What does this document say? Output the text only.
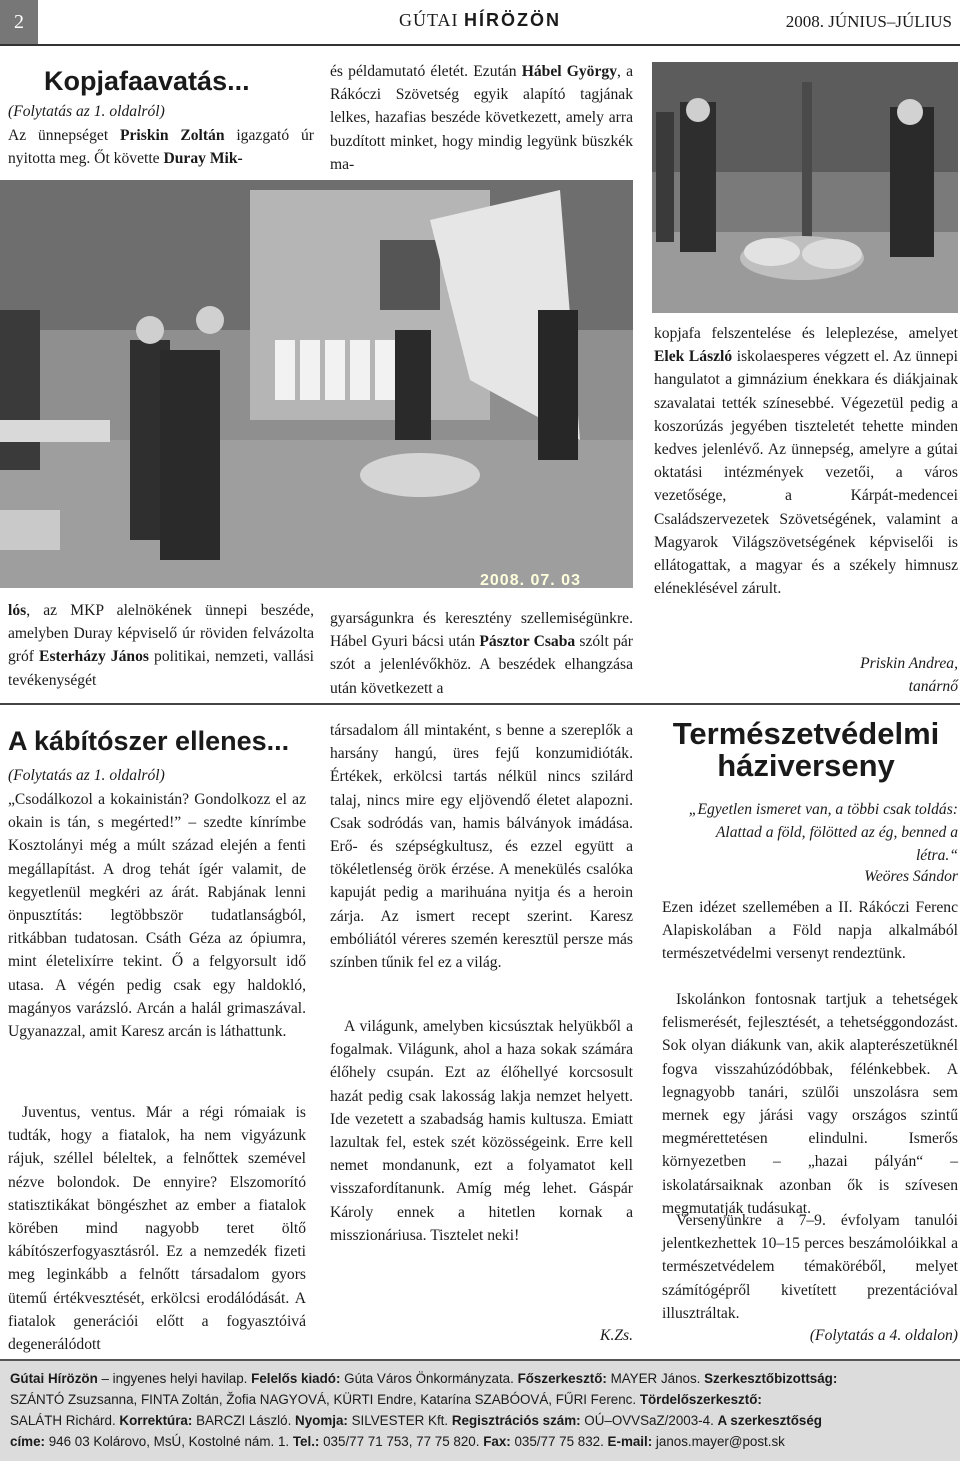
2	GÚTAI HÍRÖZÖN	2008. JÚNIUS–JÚLIUS
Kopjafaavatás...
(Folytatás az 1. oldalról)
Az ünnepséget Priskin Zoltán igazgató úr nyitotta meg. Őt követte Duray Mik-
és példamutató életét. Ezután Hábel György, a Rákóczi Szövetség egyik alapító tagjának lelkes, hazafias beszéde következett, amely arra buzdított minket, hogy mindig legyünk büszkék ma-
2008. 07. 03
lós, az MKP alelnökének ünnepi beszéde, amelyben Duray képviselő úr röviden felvázolta gróf Esterházy János politikai, nemzeti, vallási tevékenységét
gyarságunkra és keresztény szellemiségünkre. Hábel Gyuri bácsi után Pásztor Csaba szólt pár szót a jelenlévőkhöz. A beszédek elhangzása után következett a
kopjafa felszentelése és leleplezése, amelyet Elek László iskolaesperes végzett el. Az ünnepi hangulatot a gimnázium énekkara és diákjainak szavalatai tették színesebbé. Végezetül pedig a koszorúzás jegyében tiszteletét tehette minden kedves jelenlévő. Az ünnepség, amelyre a gútai oktatási intézmények vezetői, a város vezetősége, a Kárpát-medencei Családszervezetek Szövetségének, valamint a Magyarok Világszövetségének képviselői is ellátogattak, a magyar és a székely himnusz eléneklésével zárult.
Priskin Andrea,
tanárnő
A kábítószer ellenes...
(Folytatás az 1. oldalról)
„Csodálkozol a kokainistán? Gondolkozz el az okain is tán, s megérted!” – szedte kínrímbe Kosztolányi még a múlt század elején a fenti megállapítást. A drog tehát ígér valamit, de kegyetlenül megkéri az árát. Rabjának lenni önpusztítás: legtöbbször tudatlanságból, ritkábban tudatosan. Csáth Géza az ópiumra, mint életelixírre tekint. Ő a felgyorsult idő utasa. A végén pedig csak egy haldokló, magányos varázsló. Arcán a halál grimaszával. Ugyanazzal, amit Karesz arcán is láthattunk.
Juventus, ventus. Már a régi rómaiak is tudták, hogy a fiatalok, ha nem vigyázunk rájuk, széllel béleltek, a felnőttek szemével nézve bolondok. De ennyire? Elszomorító statisztikákat böngészhet az ember a fiatalok körében mind nagyobb teret öltő kábítószerfogyasztásról. Ez a nemzedék fizeti meg leginkább a felnőtt társadalom gyors ütemű értékvesztését, erkölcsi erodálódását. A fiatalok generációi előtt a fogyasztóivá degenerálódott
társadalom áll mintaként, s benne a szereplők a harsány hangú, üres fejű konzumidióták. Értékek, erkölcsi tartás nélkül nincs szilárd talaj, nincs mire egy eljövendő életet alapozni. Csak sodródás van, hamis bálványok imádása. Erő- és szépségkultusz, és ezzel együtt a tökéletlenség örök érzése. A menekülés csalóka kapuját pedig a marihuána nyitja és a heroin zárja. Az ismert recept szerint. Karesz embóliától véreres szemén keresztül persze más színben tűnik fel ez a világ.
A világunk, amelyben kicsúsztak helyükből a fogalmak. Világunk, ahol a haza sokak számára élőhely csupán. Ezt az élőhellyé korcsosult hazát pedig csak lakosság lakja nemzet helyett. Ide vezetett a szabadság hamis kultusza. Emiatt lazultak fel, estek szét közösségeink. Erre kell nemet mondanunk, ezt a folyamatot kell visszafordítanunk. Amíg még lehet. Gáspár Károly ennek a hitetlen kornak a misszionáriusa. Tisztelet neki!
K.Zs.
Természetvédelmi
háziverseny
„Egyetlen ismeret van, a többi csak toldás: Alattad a föld, fölötted az ég, benned a létra.“
Weöres Sándor
Ezen idézet szellemében a II. Rákóczi Ferenc Alapiskolában a Föld napja alkalmából természetvédelmi versenyt rendeztünk.
Iskolánkon fontosnak tartjuk a tehetségek felismerését, fejlesztését, a tehetséggondozást. Sok olyan diákunk van, akik alapterészetüknél fogva visszahúzódóbbak, félénkebbek. A legnagyobb tanári, szülői unszolásra sem mernek egy járási vagy országos szintű megmérettetésen elindulni. Ismerős környezetben – „hazai pályán“ – iskolatársaiknak azonban ők is szívesen megmutatják tudásukat.
Versenyünkre a 7–9. évfolyam tanulói jelentkezhettek 10–15 perces beszámolóikkal a természetvédelem témaköréből, melyet számítógépről kivetített prezentációval illusztráltak.
(Folytatás a 4. oldalon)
Gútai Hírözön – ingyenes helyi havilap. Felelős kiadó: Gúta Város Önkormányzata. Főszerkesztő: MAYER János. Szerkesztőbizottság:
SZÁNTÓ Zsuzsanna, FINTA Zoltán, Žofia NAGYOVÁ, KÜRTI Endre, Katarína SZABÓOVÁ, FŰRI Ferenc. Tördelőszerkesztő:
SALÁTH Richárd. Korrektúra: BARCZI László. Nyomja: SILVESTER Kft. Regisztrációs szám: OÚ–OVVSaZ/2003-4. A szerkesztőség
címe: 946 03 Kolárovo, MsÚ, Kostolné nám. 1. Tel.: 035/77 71 753, 77 75 820. Fax: 035/77 75 832. E-mail: janos.mayer@post.sk
